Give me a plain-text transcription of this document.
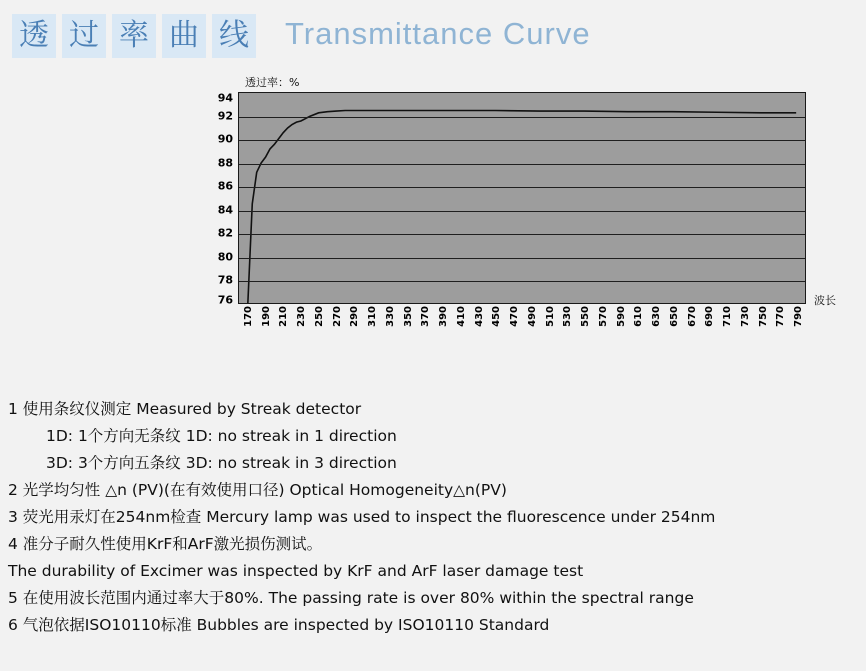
透 过 率 曲 线 Transmittance Curve
透过率：%
波长
76
78
80
82
84
86
88
90
92
94
170 190 210 230 250 270 290 310 330 350 370 390 410 430 450 470 490 510 530 550 570 590 610 630 650 670 690 710 730 750 770 790
1 使用条纹仪测定 Measured by Streak detector
1D: 1个方向无条纹 1D: no streak in 1 direction
3D: 3个方向五条纹 3D: no streak in 3 direction
2 光学均匀性 △n (PV)(在有效使用口径) Optical Homogeneity△n(PV)
3 荧光用汞灯在254nm检查 Mercury lamp was used to inspect the fluorescence under 254nm
4 准分子耐久性使用KrF和ArF激光损伤测试。
The durability of Excimer was inspected by KrF and ArF laser damage test
5 在使用波长范围内通过率大于80%. The passing rate is over 80% within the spectral range
6 气泡依据ISO10110标准 Bubbles are inspected by ISO10110 Standard
